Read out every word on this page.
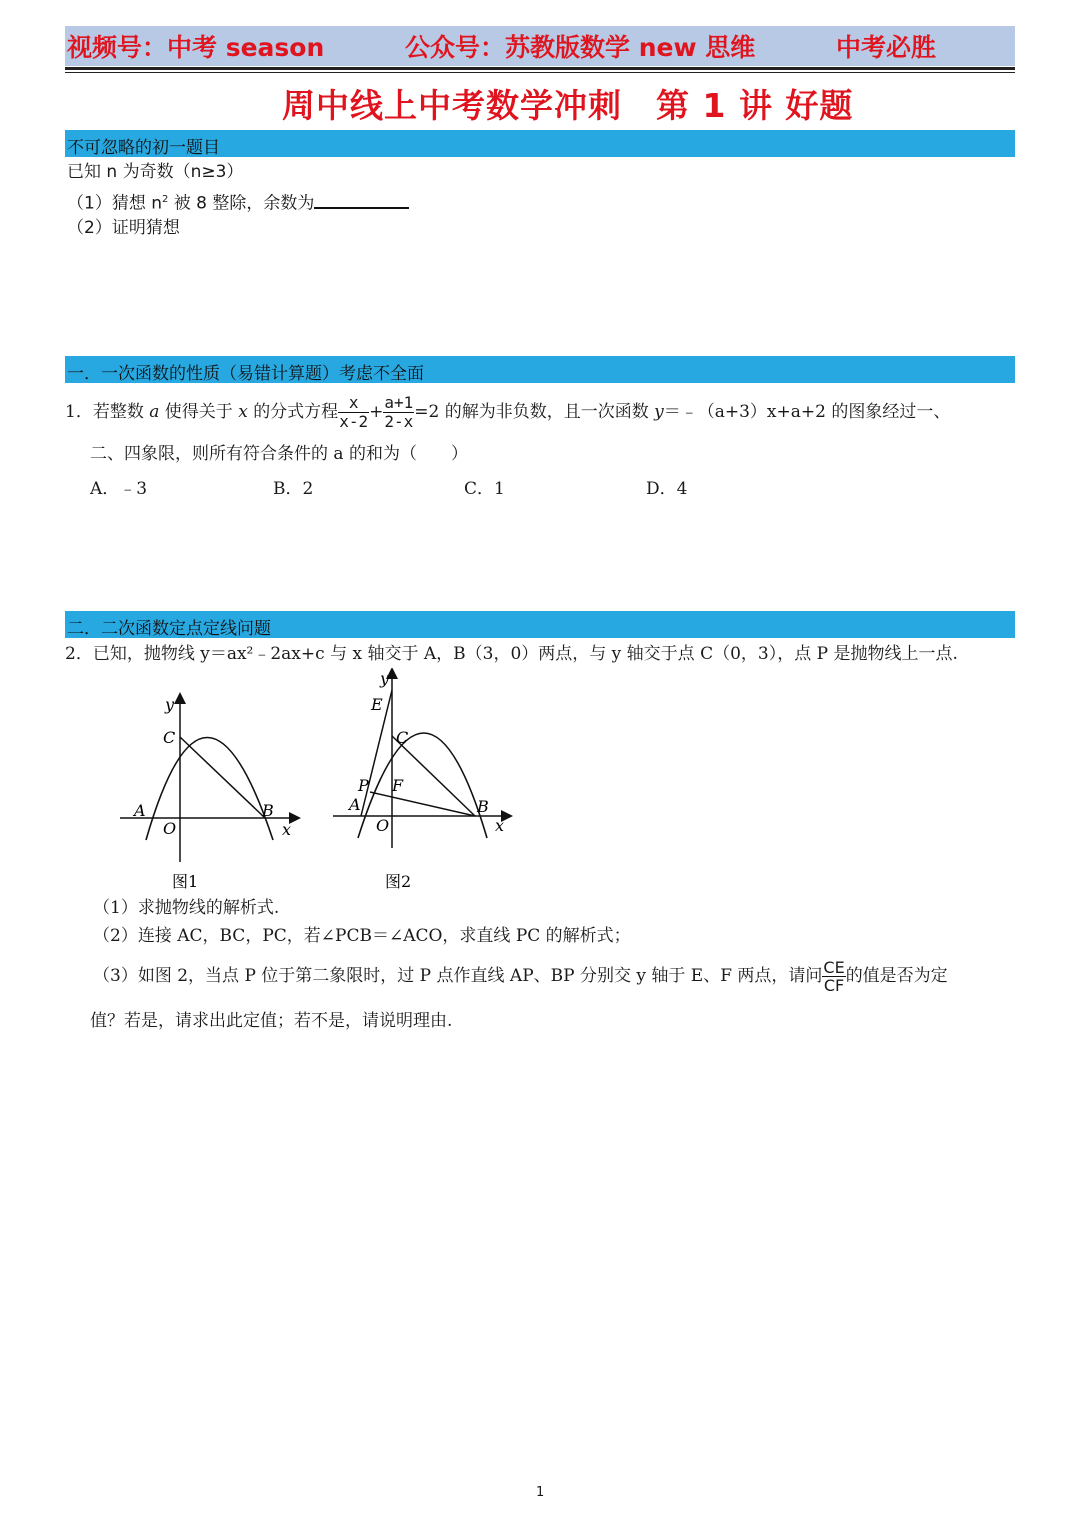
视频号：中考 season	公众号：苏教版数学 new 思维	中考必胜
周中线上中考数学冲刺　第 1 讲 好题
不可忽略的初一题目
已知 n 为奇数（n≥3）
（1）猜想 $n^2$ 被 8 整除，余数为
（2）证明猜想
一．一次函数的性质（易错计算题）考虑不全面
1．若整数 a 使得关于 x 的分式方程 $\frac{x}{x-2} + \frac{a+1}{2-x} =2$ 的解为非负数，且一次函数 y＝﹣（a+3）x+a+2 的图象经过一、
二、四象限，则所有符合条件的 a 的和为（　　）
A．﹣3	B．2	C．1	D．4
二．二次函数定点定线问题
2．已知，抛物线 y＝ax²﹣2ax+c 与 x 轴交于 A，B（3，0）两点，与 y 轴交于点 C（0，3），点 P 是抛物线上一点.
y
C
A	B
O	x
图1
y
E
C
P F
A	B
O	x
图2
（1）求抛物线的解析式.
（2）连接 AC，BC，PC，若∠PCB＝∠ACO，求直线 PC 的解析式；
（3）如图 2，当点 P 位于第二象限时，过 P 点作直线 AP、BP 分别交 y 轴于 E、F 两点，请问 $\frac{CE}{CF}$ 的值是否为定
值？若是，请求出此定值；若不是，请说明理由.
1
